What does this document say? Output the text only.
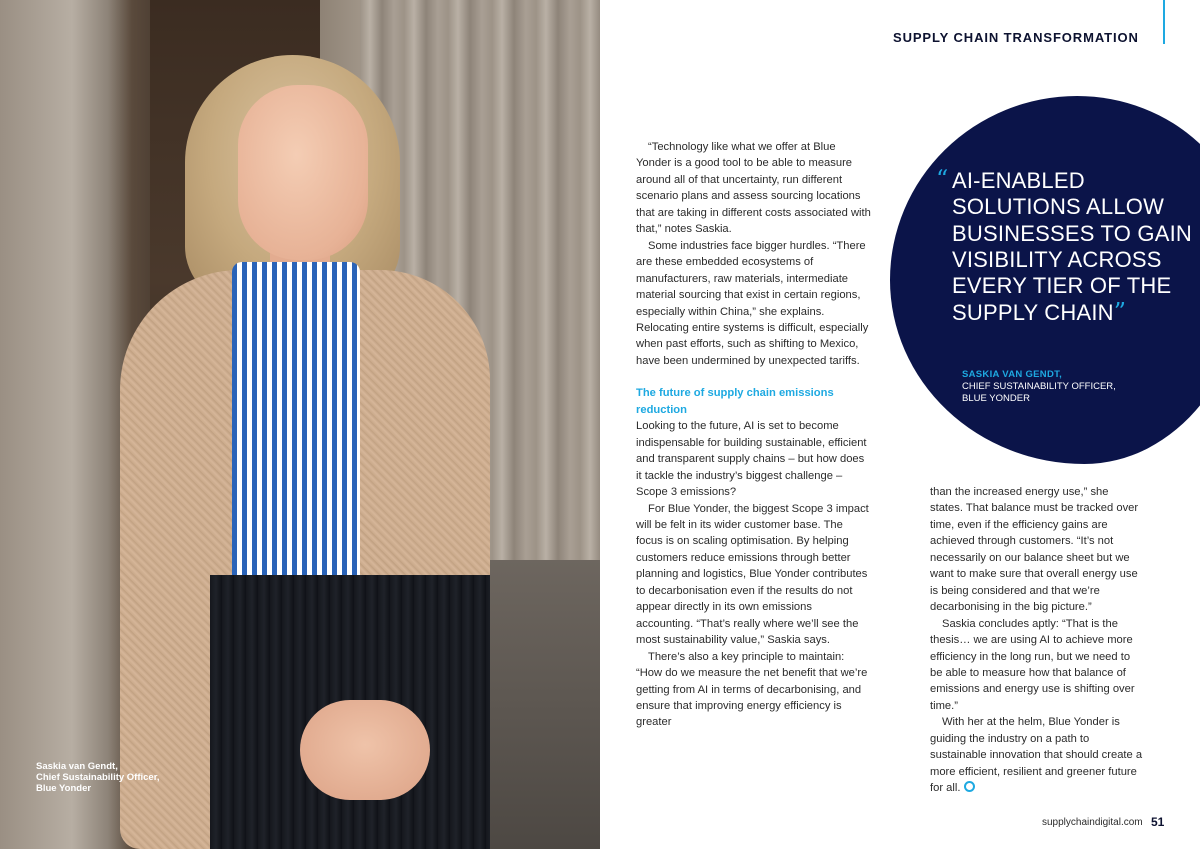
Saskia van Gendt,
Chief Sustainability Officer,
Blue Yonder
SUPPLY CHAIN TRANSFORMATION

“Technology like what we offer at Blue Yonder is a good tool to be able to measure around all of that uncertainty, run different scenario plans and assess sourcing locations that are taking in different costs associated with that,” notes Saskia.

Some industries face bigger hurdles. “There are these embedded ecosystems of manufacturers, raw materials, intermediate material sourcing that exist in certain regions, especially within China,” she explains. Relocating entire systems is difficult, especially when past efforts, such as shifting to Mexico, have been undermined by unexpected tariffs.

The future of supply chain emissions reduction

Looking to the future, AI is set to become indispensable for building sustainable, efficient and transparent supply chains – but how does it tackle the industry’s biggest challenge – Scope 3 emissions?

For Blue Yonder, the biggest Scope 3 impact will be felt in its wider customer base. The focus is on scaling optimisation. By helping customers reduce emissions through better planning and logistics, Blue Yonder contributes to decarbonisation even if the results do not appear directly in its own emissions accounting. “That’s really where we’ll see the most sustainability value,” Saskia says.

There’s also a key principle to maintain: “How do we measure the net benefit that we’re getting from AI in terms of decarbonising, and ensure that improving energy efficiency is greater

“ AI-ENABLED SOLUTIONS ALLOW BUSINESSES TO GAIN VISIBILITY ACROSS EVERY TIER OF THE SUPPLY CHAIN”
SASKIA VAN GENDT,
CHIEF SUSTAINABILITY OFFICER,
BLUE YONDER

than the increased energy use,” she states. That balance must be tracked over time, even if the efficiency gains are achieved through customers. “It’s not necessarily on our balance sheet but we want to make sure that overall energy use is being considered and that we’re decarbonising in the big picture.”

Saskia concludes aptly: “That is the thesis… we are using AI to achieve more efficiency in the long run, but we need to be able to measure how that balance of emissions and energy use is shifting over time.”

With her at the helm, Blue Yonder is guiding the industry on a path to sustainable innovation that should create a more efficient, resilient and greener future for all.

supplychaindigital.com 51
